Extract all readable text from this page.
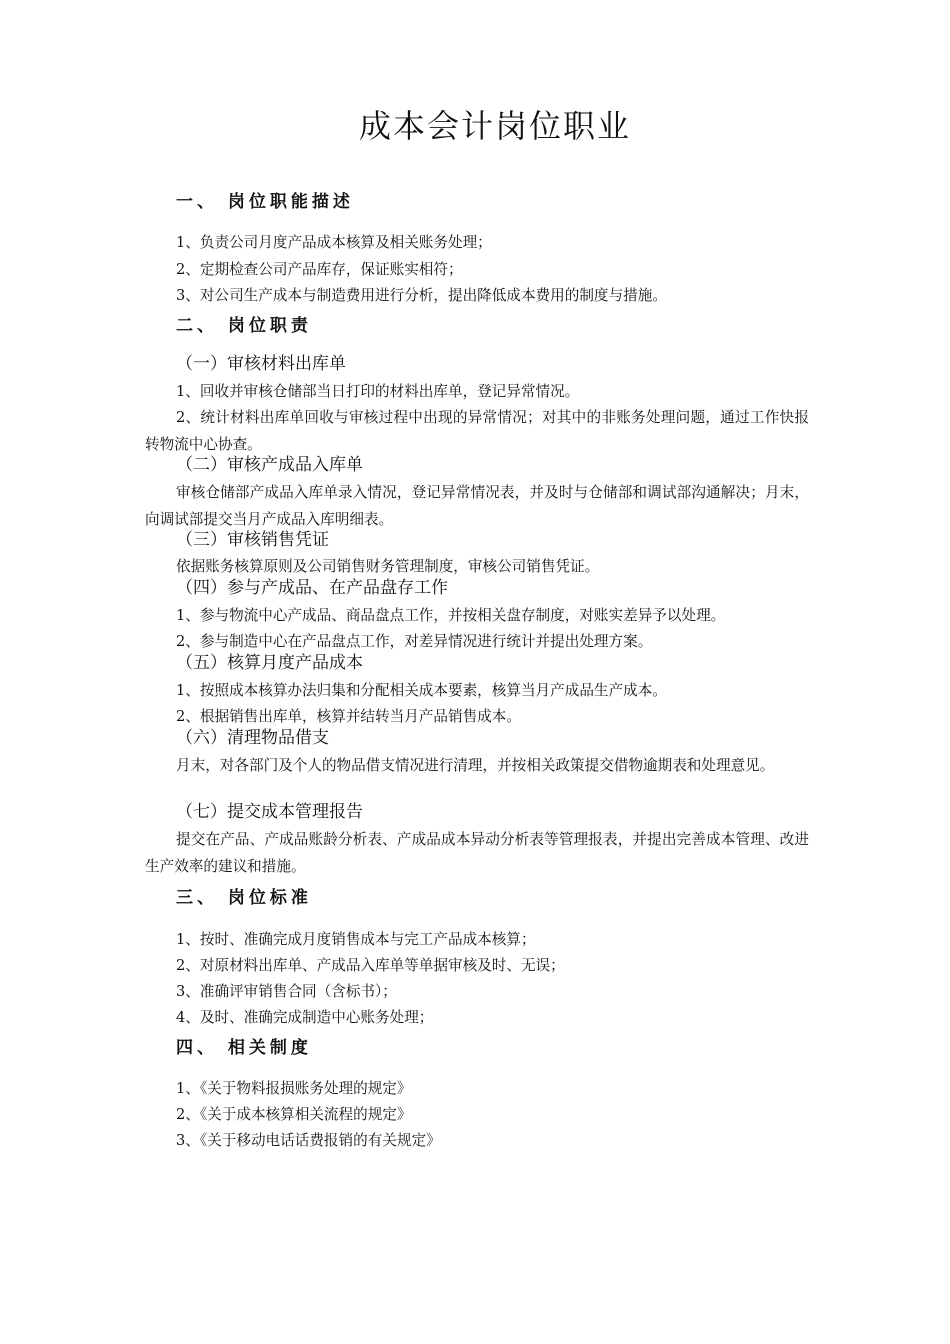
成本会计岗位职业
一、 岗位职能描述

1、负责公司月度产品成本核算及相关账务处理；

2、定期检查公司产品库存，保证账实相符；

3、对公司生产成本与制造费用进行分析，提出降低成本费用的制度与措施。

二、 岗位职责
（一）审核材料出库单

1、回收并审核仓储部当日打印的材料出库单，登记异常情况。

2、统计材料出库单回收与审核过程中出现的异常情况；对其中的非账务处理问题，通过工作快报转物流中心协查。

（二）审核产成品入库单

审核仓储部产成品入库单录入情况，登记异常情况表，并及时与仓储部和调试部沟通解决；月末，向调试部提交当月产成品入库明细表。

（三）审核销售凭证

依据账务核算原则及公司销售财务管理制度，审核公司销售凭证。

（四）参与产成品、在产品盘存工作

1、参与物流中心产成品、商品盘点工作，并按相关盘存制度，对账实差异予以处理。

2、参与制造中心在产品盘点工作，对差异情况进行统计并提出处理方案。

（五）核算月度产品成本

1、按照成本核算办法归集和分配相关成本要素，核算当月产成品生产成本。

2、根据销售出库单，核算并结转当月产品销售成本。

（六）清理物品借支

月末，对各部门及个人的物品借支情况进行清理，并按相关政策提交借物逾期表和处理意见。

（七）提交成本管理报告

提交在产品、产成品账龄分析表、产成品成本异动分析表等管理报表，并提出完善成本管理、改进生产效率的建议和措施。

三、 岗位标准

1、按时、准确完成月度销售成本与完工产品成本核算；

2、对原材料出库单、产成品入库单等单据审核及时、无误；

3、准确评审销售合同（含标书）；

4、及时、准确完成制造中心账务处理；

四、 相关制度

1、《关于物料报损账务处理的规定》

2、《关于成本核算相关流程的规定》

3、《关于移动电话话费报销的有关规定》
